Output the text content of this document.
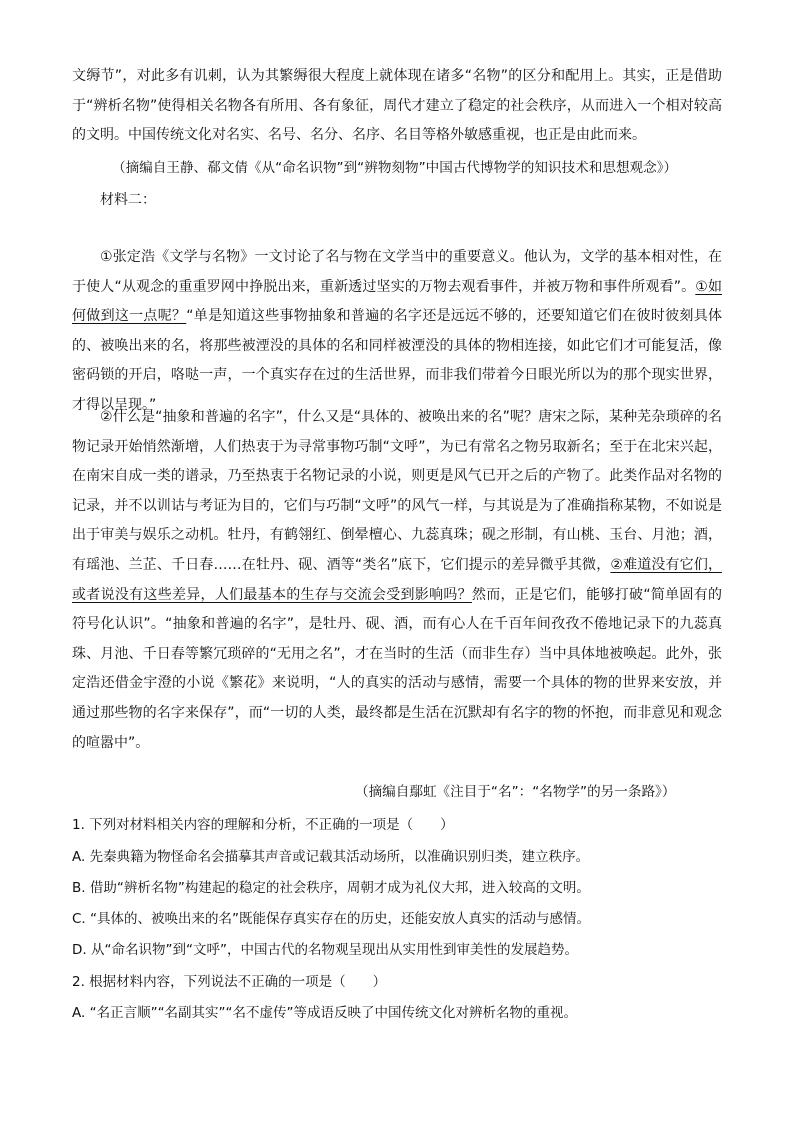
文缛节”，对此多有讥刺，认为其繁缛很大程度上就体现在诸多“名物”的区分和配用上。其实，正是借助于“辨析名物”使得相关名物各有所用、各有象征，周代才建立了稳定的社会秩序，从而进入一个相对较高的文明。中国传统文化对名实、名号、名分、名序、名目等格外敏感重视，也正是由此而来。

（摘编自王静、郗文倩《从“命名识物”到“辨物刻物”中国古代博物学的知识技术和思想观念》）

材料二：

①张定浩《文学与名物》一文讨论了名与物在文学当中的重要意义。他认为，文学的基本相对性，在于使人“从观念的重重罗网中挣脱出来，重新透过坚实的万物去观看事件，并被万物和事件所观看”。①如何做到这一点呢？“单是知道这些事物抽象和普遍的名字还是远远不够的，还要知道它们在彼时彼刻具体的、被唤出来的名，将那些被湮没的具体的名和同样被湮没的具体的物相连接，如此它们才可能复活，像密码锁的开启，咯哒一声，一个真实存在过的生活世界，而非我们带着今日眼光所以为的那个现实世界，才得以呈现。”

②什么是“抽象和普遍的名字”，什么又是“具体的、被唤出来的名”呢？唐宋之际，某种芜杂琐碎的名物记录开始悄然渐增，人们热衷于为寻常事物巧制“文呼”，为已有常名之物另取新名；至于在北宋兴起，在南宋自成一类的谱录，乃至热衷于名物记录的小说，则更是风气已开之后的产物了。此类作品对名物的记录，并不以训诂与考证为目的，它们与巧制“文呼”的风气一样，与其说是为了准确指称某物，不如说是出于审美与娱乐之动机。牡丹，有鹤翎红、倒晕檀心、九蕊真珠；砚之形制，有山桃、玉台、月池；酒，有瑶池、兰芷、千日春……在牡丹、砚、酒等“类名”底下，它们提示的差异微乎其微，②难道没有它们，或者说没有这些差异，人们最基本的生存与交流会受到影响吗？然而，正是它们，能够打破“简单固有的符号化认识”。“抽象和普遍的名字”，是牡丹、砚、酒，而有心人在千百年间孜孜不倦地记录下的九蕊真珠、月池、千日春等繁冗琐碎的“无用之名”，才在当时的生活（而非生存）当中具体地被唤起。此外，张定浩还借金宇澄的小说《繁花》来说明，“人的真实的活动与感情，需要一个具体的物的世界来安放，并通过那些物的名字来保存”，而“一切的人类，最终都是生活在沉默却有名字的物的怀抱，而非意见和观念的喧嚣中”。

（摘编自鄢虹《注目于“名”：“名物学”的另一条路》）

1. 下列对材料相关内容的理解和分析，不正确的一项是（　　）

A. 先秦典籍为物怪命名会描摹其声音或记载其活动场所，以准确识别归类，建立秩序。

B. 借助“辨析名物”构建起的稳定的社会秩序，周朝才成为礼仪大邦，进入较高的文明。

C. “具体的、被唤出来的名”既能保存真实存在的历史，还能安放人真实的活动与感情。

D. 从“命名识物”到“文呼”，中国古代的名物观呈现出从实用性到审美性的发展趋势。

2. 根据材料内容，下列说法不正确的一项是（　　）

A. “名正言顺”“名副其实”“名不虚传”等成语反映了中国传统文化对辨析名物的重视。
